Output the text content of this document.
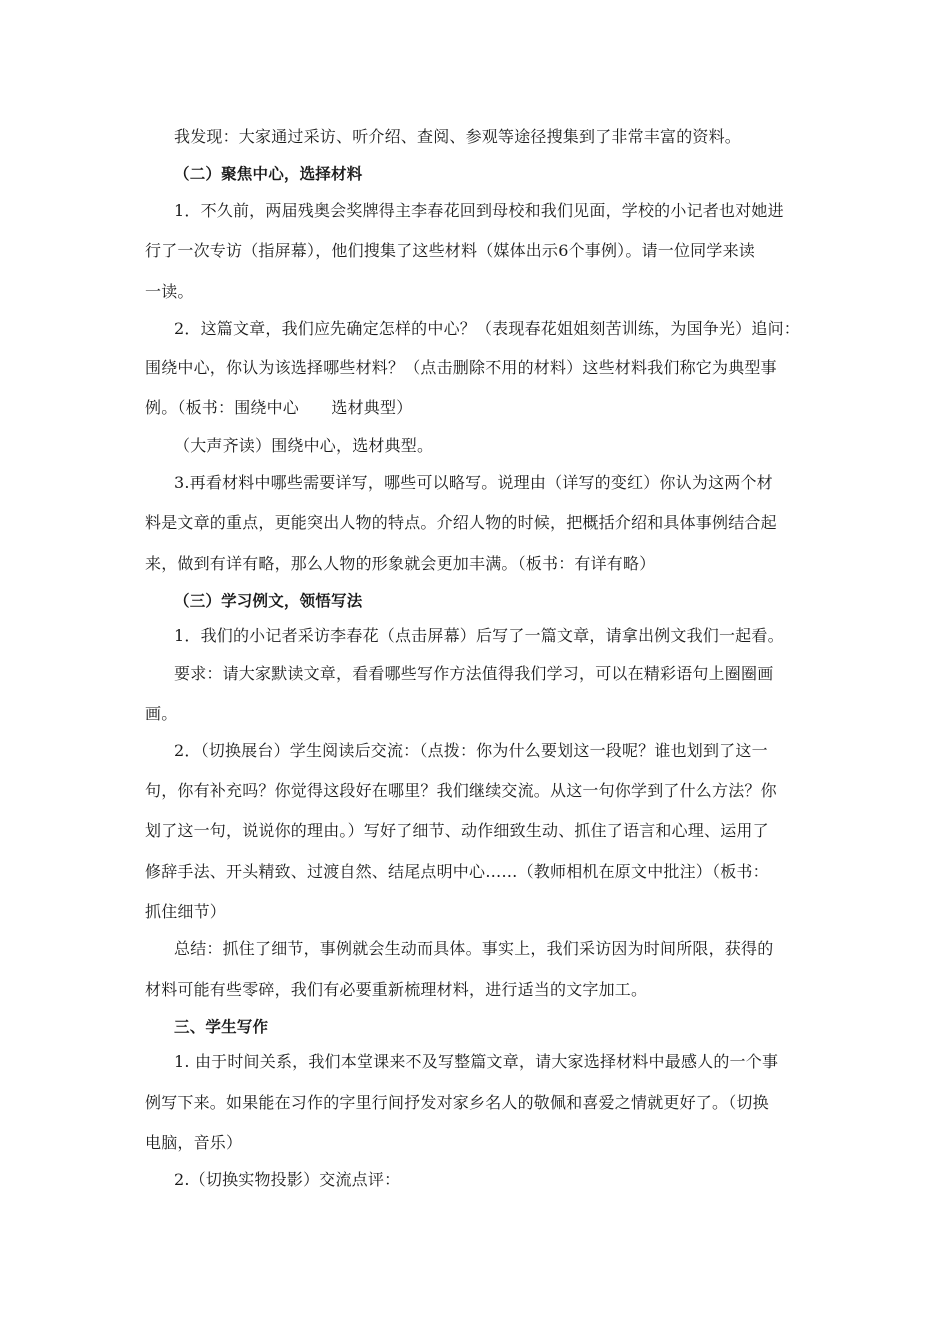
我发现：大家通过采访、听介绍、查阅、参观等途径搜集到了非常丰富的资料。
（二）聚焦中心，选择材料
1．不久前，两届残奥会奖牌得主李春花回到母校和我们见面，学校的小记者也对她进
行了一次专访（指屏幕），他们搜集了这些材料（媒体出示6个事例）。请一位同学来读
一读。
2．这篇文章，我们应先确定怎样的中心？（表现春花姐姐刻苦训练，为国争光）追问：
围绕中心，你认为该选择哪些材料？（点击删除不用的材料）这些材料我们称它为典型事
例。（板书：围绕中心　　选材典型）
（大声齐读）围绕中心，选材典型。
3.再看材料中哪些需要详写，哪些可以略写。说理由（详写的变红）你认为这两个材
料是文章的重点，更能突出人物的特点。介绍人物的时候，把概括介绍和具体事例结合起
来，做到有详有略，那么人物的形象就会更加丰满。（板书：有详有略）
（三）学习例文，领悟写法
1．我们的小记者采访李春花（点击屏幕）后写了一篇文章，请拿出例文我们一起看。
要求：请大家默读文章，看看哪些写作方法值得我们学习，可以在精彩语句上圈圈画
画。
2．（切换展台）学生阅读后交流：（点拨：你为什么要划这一段呢？谁也划到了这一
句，你有补充吗？你觉得这段好在哪里？我们继续交流。从这一句你学到了什么方法？你
划了这一句，说说你的理由。）写好了细节、动作细致生动、抓住了语言和心理、运用了
修辞手法、开头精致、过渡自然、结尾点明中心……（教师相机在原文中批注）（板书：
抓住细节）
总结：抓住了细节，事例就会生动而具体。事实上，我们采访因为时间所限，获得的
材料可能有些零碎，我们有必要重新梳理材料，进行适当的文字加工。
三、学生写作
1. 由于时间关系，我们本堂课来不及写整篇文章，请大家选择材料中最感人的一个事
例写下来。如果能在习作的字里行间抒发对家乡名人的敬佩和喜爱之情就更好了。（切换
电脑，音乐）
2.（切换实物投影）交流点评：
